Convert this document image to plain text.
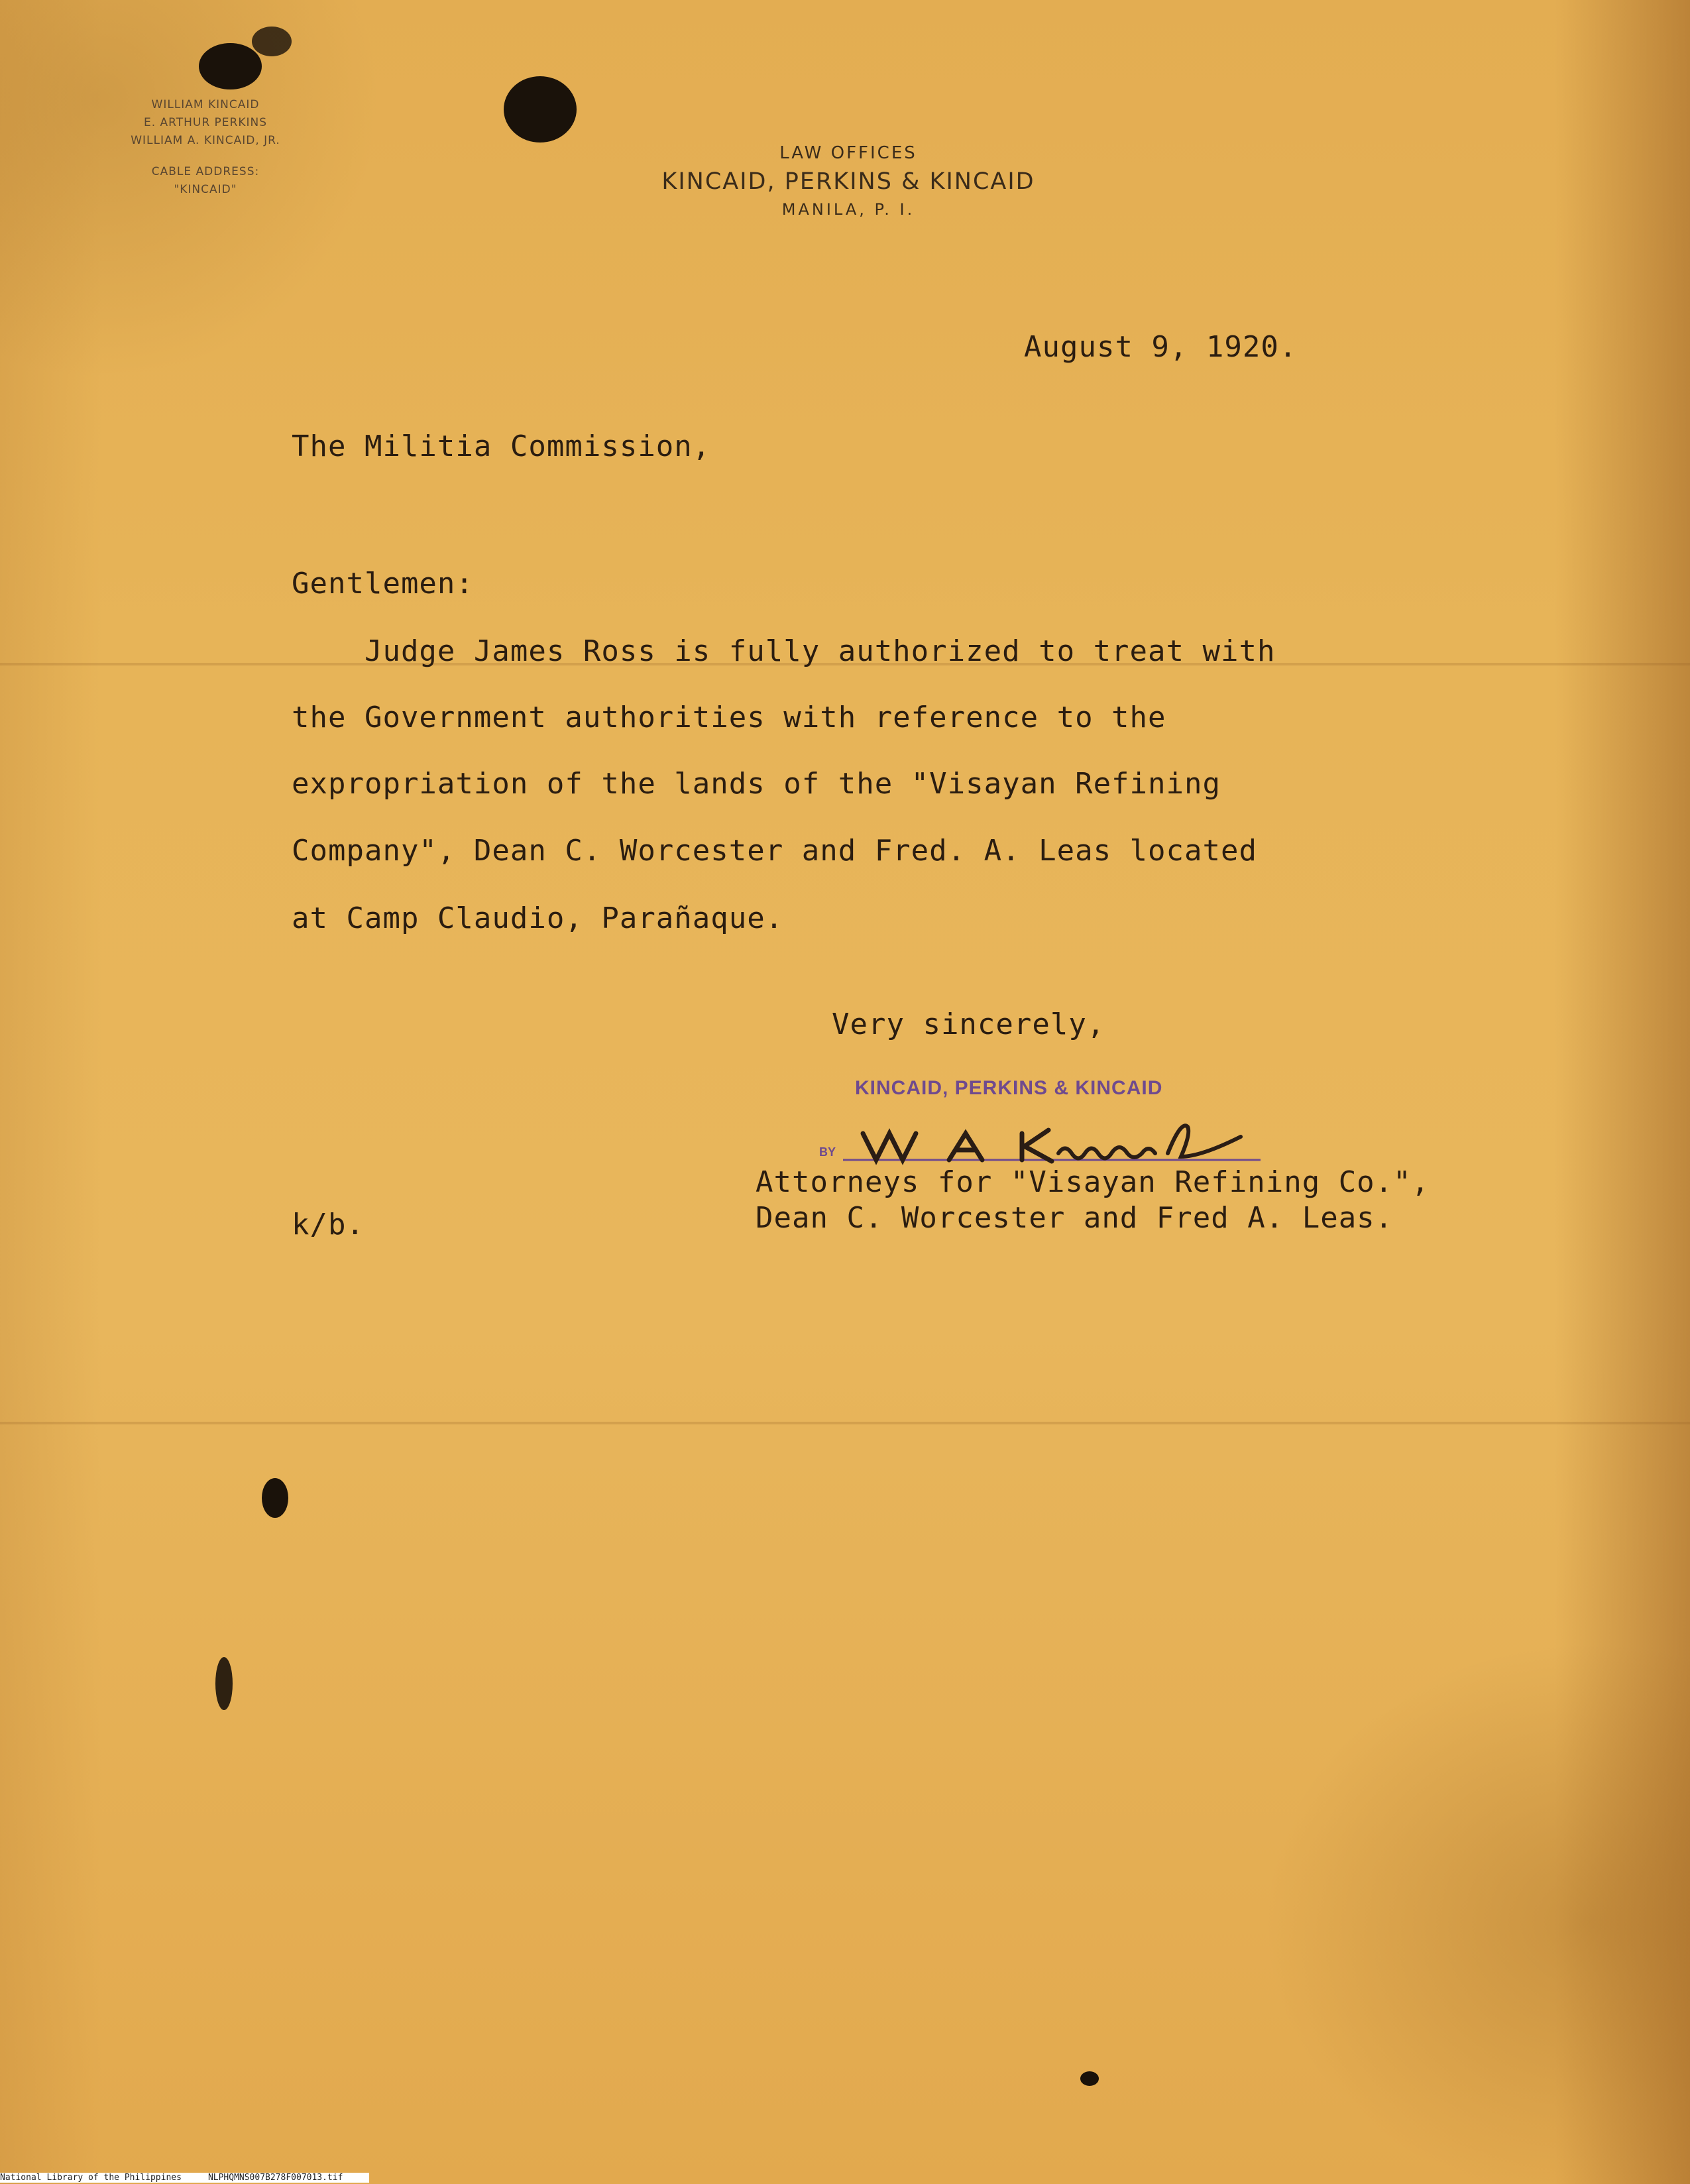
WILLIAM KINCAID
E. ARTHUR PERKINS
WILLIAM A. KINCAID, JR.
CABLE ADDRESS:
"KINCAID"
LAW OFFICES
KINCAID, PERKINS & KINCAID
MANILA, P. I.
August 9, 1920.
The Militia Commission,
Gentlemen:
Judge James Ross is fully authorized to treat with
the Government authorities with reference to the
expropriation of the lands of the "Visayan Refining
Company", Dean C. Worcester and Fred. A. Leas located
at Camp Claudio, Parañaque.
Very sincerely,
KINCAID, PERKINS & KINCAID
BY
Attorneys for "Visayan Refining Co.",
Dean C. Worcester and Fred A. Leas.
k/b.
National Library of the Philippines	NLPHQMNS007B278F007013.tif
